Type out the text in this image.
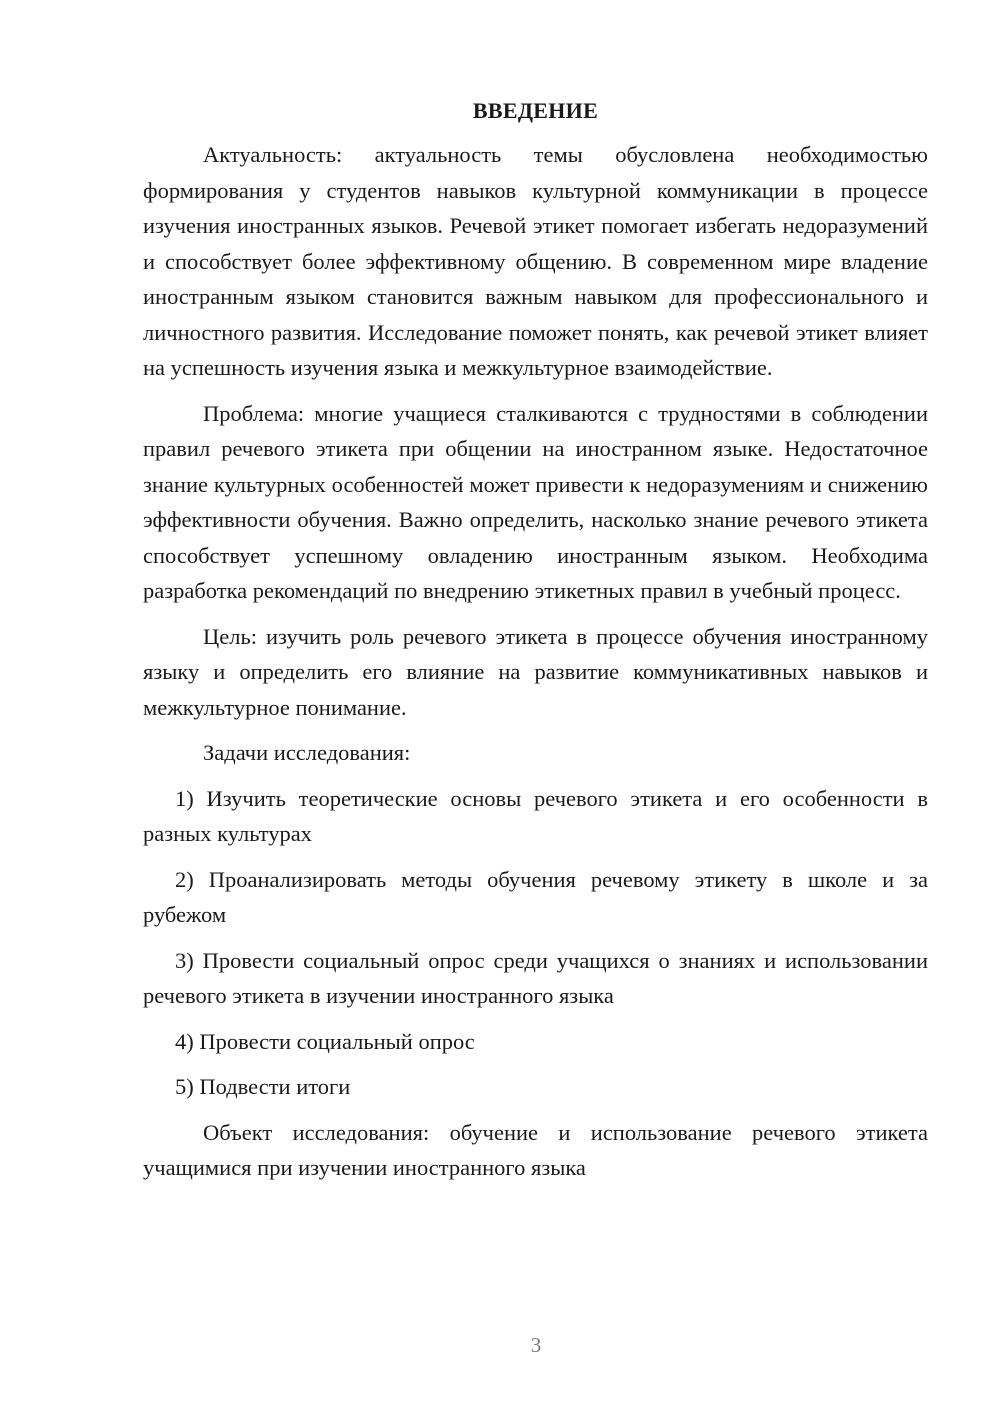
ВВЕДЕНИЕ

Актуальность: актуальность темы обусловлена необходимостью формирования у студентов навыков культурной коммуникации в процессе изучения иностранных языков. Речевой этикет помогает избегать недоразумений и способствует более эффективному общению. В современном мире владение иностранным языком становится важным навыком для профессионального и личностного развития. Исследование поможет понять, как речевой этикет влияет на успешность изучения языка и межкультурное взаимодействие.

Проблема: многие учащиеся сталкиваются с трудностями в соблюдении правил речевого этикета при общении на иностранном языке. Недостаточное знание культурных особенностей может привести к недоразумениям и снижению эффективности обучения. Важно определить, насколько знание речевого этикета способствует успешному овладению иностранным языком. Необходима разработка рекомендаций по внедрению этикетных правил в учебный процесс.

Цель: изучить роль речевого этикета в процессе обучения иностранному языку и определить его влияние на развитие коммуникативных навыков и межкультурное понимание.

Задачи исследования:

1) Изучить теоретические основы речевого этикета и его особенности в разных культурах

2) Проанализировать методы обучения речевому этикету в школе и за рубежом

3) Провести социальный опрос среди учащихся о знаниях и использовании речевого этикета в изучении иностранного языка

4) Провести социальный опрос

5) Подвести итоги

Объект исследования: обучение и использование речевого этикета учащимися при изучении иностранного языка

3
